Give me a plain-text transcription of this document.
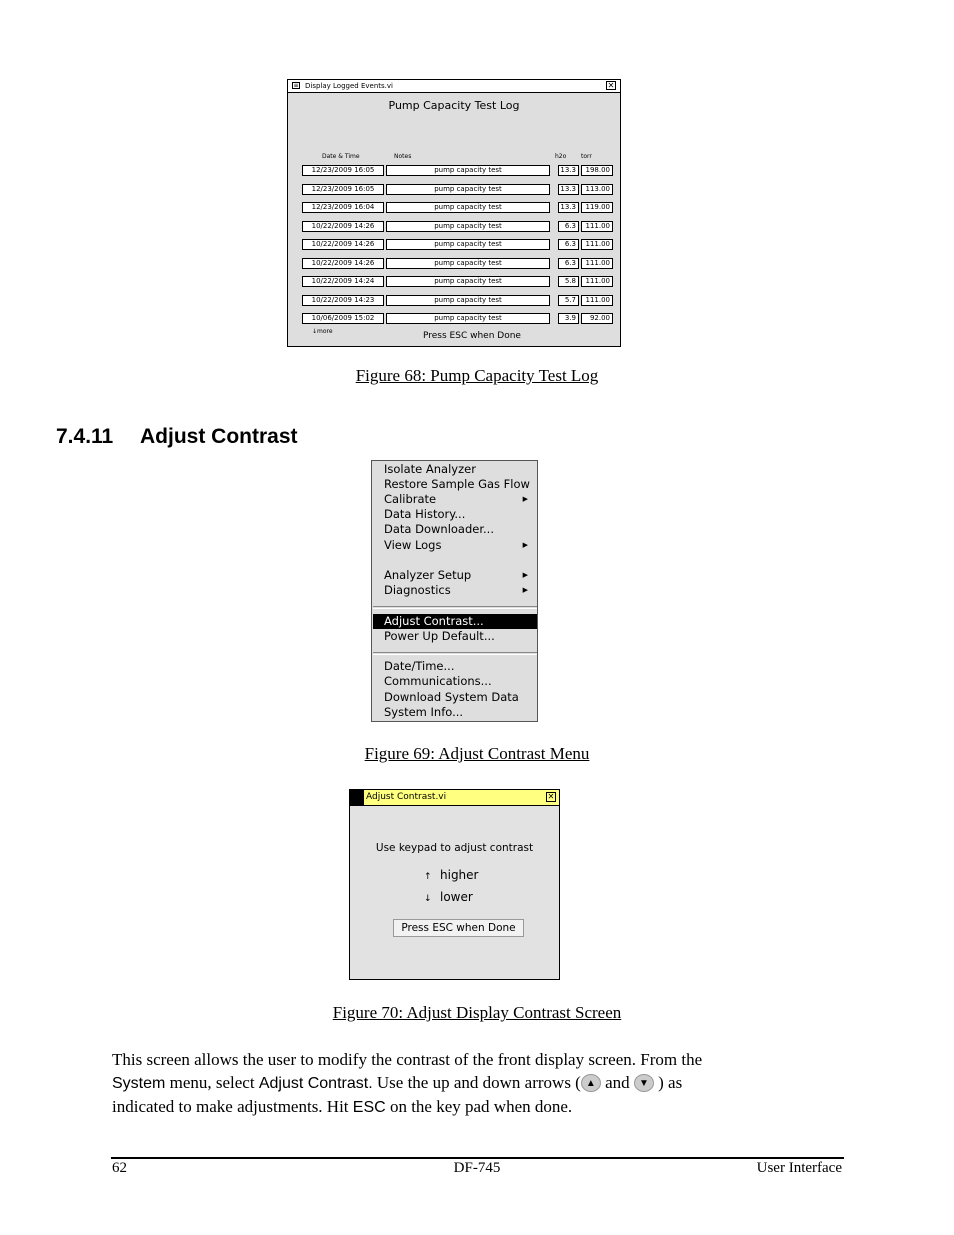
≡ Display Logged Events.vi	✕
Pump Capacity Test Log
Date & Time	Notes	h2o torr
12/23/2009 16:05	pump capacity test	13.3	198.00
12/23/2009 16:05	pump capacity test	13.3	113.00
12/23/2009 16:04	pump capacity test	13.3	119.00
10/22/2009 14:26	pump capacity test	6.3	111.00
10/22/2009 14:26	pump capacity test	6.3	111.00
10/22/2009 14:26	pump capacity test	6.3	111.00
10/22/2009 14:24	pump capacity test	5.8	111.00
10/22/2009 14:23	pump capacity test	5.7	111.00
10/06/2009 15:02	pump capacity test	3.9	92.00
↓more	Press ESC when Done
Figure 68: Pump Capacity Test Log
7.4.11 Adjust Contrast
Isolate Analyzer
Restore Sample Gas Flow
Calibrate	▶
Data History...
Data Downloader...
View Logs	▶
Analyzer Setup	▶
Diagnostics	▶
Adjust Contrast...
Power Up Default...
Date/Time...
Communications...
Download System Data
System Info...
Figure 69: Adjust Contrast Menu
Adjust Contrast.vi	✕
Use keypad to adjust contrast
↑ higher
↓ lower
Press ESC when Done
Figure 70: Adjust Display Contrast Screen
This screen allows the user to modify the contrast of the front display screen. From the
System menu, select Adjust Contrast. Use the up and down arrows ( ▲ and ▼ ) as
indicated to make adjustments. Hit ESC on the key pad when done.
62	DF-745	User Interface
